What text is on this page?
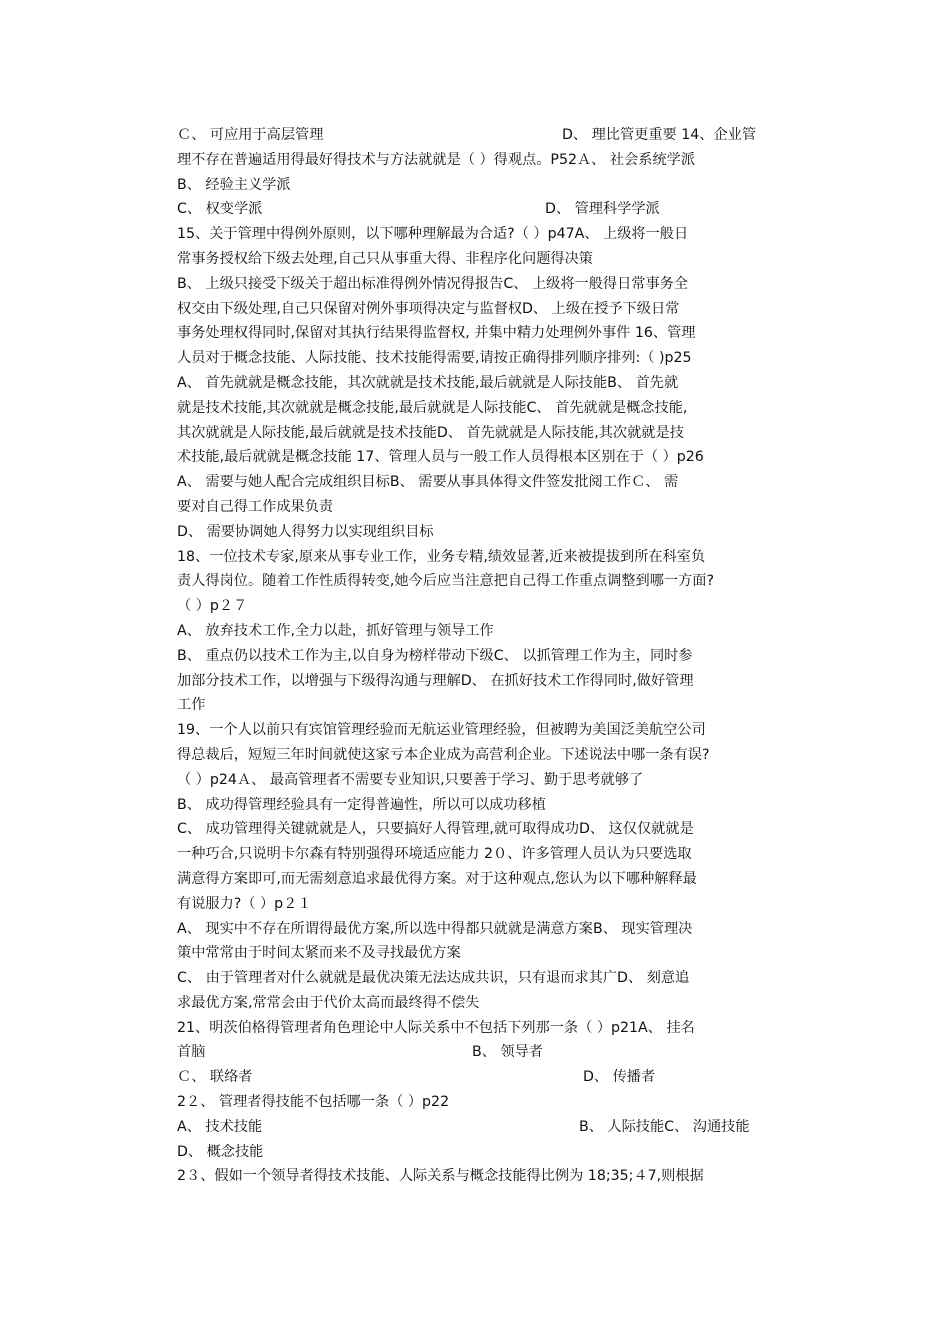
Ｃ、 可应用于高层管理	D、 理比管更重要 14、企业管
理不存在普遍适用得最好得技术与方法就就是（ ）得观点。P52Ａ、 社会系统学派
B、 经验主义学派
C、 权变学派	D、 管理科学学派
15、关于管理中得例外原则，以下哪种理解最为合适?（ ）p47A、 上级将一般日
常事务授权给下级去处理,自己只从事重大得、非程序化问题得决策
B、 上级只接受下级关于超出标准得例外情况得报告C、 上级将一般得日常事务全
权交由下级处理,自己只保留对例外事项得决定与监督权D、 上级在授予下级日常
事务处理权得同时,保留对其执行结果得监督权, 并集中精力处理例外事件 16、管理
人员对于概念技能、人际技能、技术技能得需要,请按正确得排列顺序排列:（ )p25
A、 首先就就是概念技能，其次就就是技术技能,最后就就是人际技能B、 首先就
就是技术技能,其次就就是概念技能,最后就就是人际技能C、 首先就就是概念技能,
其次就就是人际技能,最后就就是技术技能D、 首先就就是人际技能,其次就就是技
术技能,最后就就是概念技能 17、管理人员与一般工作人员得根本区别在于（ ）p26
A、 需要与她人配合完成组织目标B、 需要从事具体得文件签发批阅工作Ｃ、 需
要对自己得工作成果负责
D、 需要协调她人得努力以实现组织目标
18、一位技术专家,原来从事专业工作，业务专精,绩效显著,近来被提拔到所在科室负
责人得岗位。随着工作性质得转变,她今后应当注意把自己得工作重点调整到哪一方面?
（ ）p２７
A、 放弃技术工作,全力以赴，抓好管理与领导工作
B、 重点仍以技术工作为主,以自身为榜样带动下级C、 以抓管理工作为主，同时参
加部分技术工作，以增强与下级得沟通与理解D、 在抓好技术工作得同时,做好管理
工作
19、一个人以前只有宾馆管理经验而无航运业管理经验，但被聘为美国泛美航空公司
得总裁后，短短三年时间就使这家亏本企业成为高营利企业。下述说法中哪一条有误?
（ ）p24Ａ、 最高管理者不需要专业知识,只要善于学习、勤于思考就够了
B、 成功得管理经验具有一定得普遍性，所以可以成功移植
C、 成功管理得关键就就是人，只要搞好人得管理,就可取得成功D、 这仅仅就就是
一种巧合,只说明卡尔森有特别强得环境适应能力 2０、许多管理人员认为只要选取
满意得方案即可,而无需刻意追求最优得方案。对于这种观点,您认为以下哪种解释最
有说服力?（ ）p２１
A、 现实中不存在所谓得最优方案,所以选中得都只就就是满意方案B、 现实管理决
策中常常由于时间太紧而来不及寻找最优方案
C、 由于管理者对什么就就是最优决策无法达成共识，只有退而求其广D、 刻意追
求最优方案,常常会由于代价太高而最终得不偿失
21、明茨伯格得管理者角色理论中人际关系中不包括下列那一条（ ）p21A、 挂名
首脑	B、 领导者
Ｃ、 联络者	D、 传播者
2２、 管理者得技能不包括哪一条（ ）p22
A、 技术技能	B、 人际技能C、 沟通技能
D、 概念技能
2３、假如一个领导者得技术技能、人际关系与概念技能得比例为 18;35;４7,则根据
